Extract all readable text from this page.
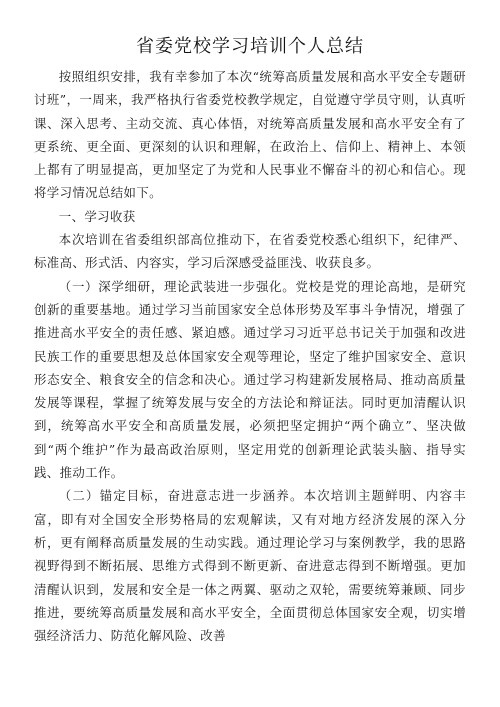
省委党校学习培训个人总结

按照组织安排，我有幸参加了本次“统筹高质量发展和高水平安全专题研讨班”，一周来，我严格执行省委党校教学规定，自觉遵守学员守则，认真听课、深入思考、主动交流、真心体悟，对统筹高质量发展和高水平安全有了更系统、更全面、更深刻的认识和理解，在政治上、信仰上、精神上、本领上都有了明显提高，更加坚定了为党和人民事业不懈奋斗的初心和信心。现将学习情况总结如下。

一、学习收获

本次培训在省委组织部高位推动下，在省委党校悉心组织下，纪律严、标准高、形式活、内容实，学习后深感受益匪浅、收获良多。

（一）深学细研，理论武装进一步强化。党校是党的理论高地，是研究创新的重要基地。通过学习当前国家安全总体形势及军事斗争情况，增强了推进高水平安全的责任感、紧迫感。通过学习习近平总书记关于加强和改进民族工作的重要思想及总体国家安全观等理论，坚定了维护国家安全、意识形态安全、粮食安全的信念和决心。通过学习构建新发展格局、推动高质量发展等课程，掌握了统筹发展与安全的方法论和辩证法。同时更加清醒认识到，统筹高水平安全和高质量发展，必须把坚定拥护“两个确立”、坚决做到“两个维护”作为最高政治原则，坚定用党的创新理论武装头脑、指导实践、推动工作。

（二）锚定目标，奋进意志进一步涵养。本次培训主题鲜明、内容丰富，即有对全国安全形势格局的宏观解读，又有对地方经济发展的深入分析，更有阐释高质量发展的生动实践。通过理论学习与案例教学，我的思路视野得到不断拓展、思维方式得到不断更新、奋进意志得到不断增强。更加清醒认识到，发展和安全是一体之两翼、驱动之双轮，需要统筹兼顾、同步推进，要统筹高质量发展和高水平安全，全面贯彻总体国家安全观，切实增强经济活力、防范化解风险、改善
